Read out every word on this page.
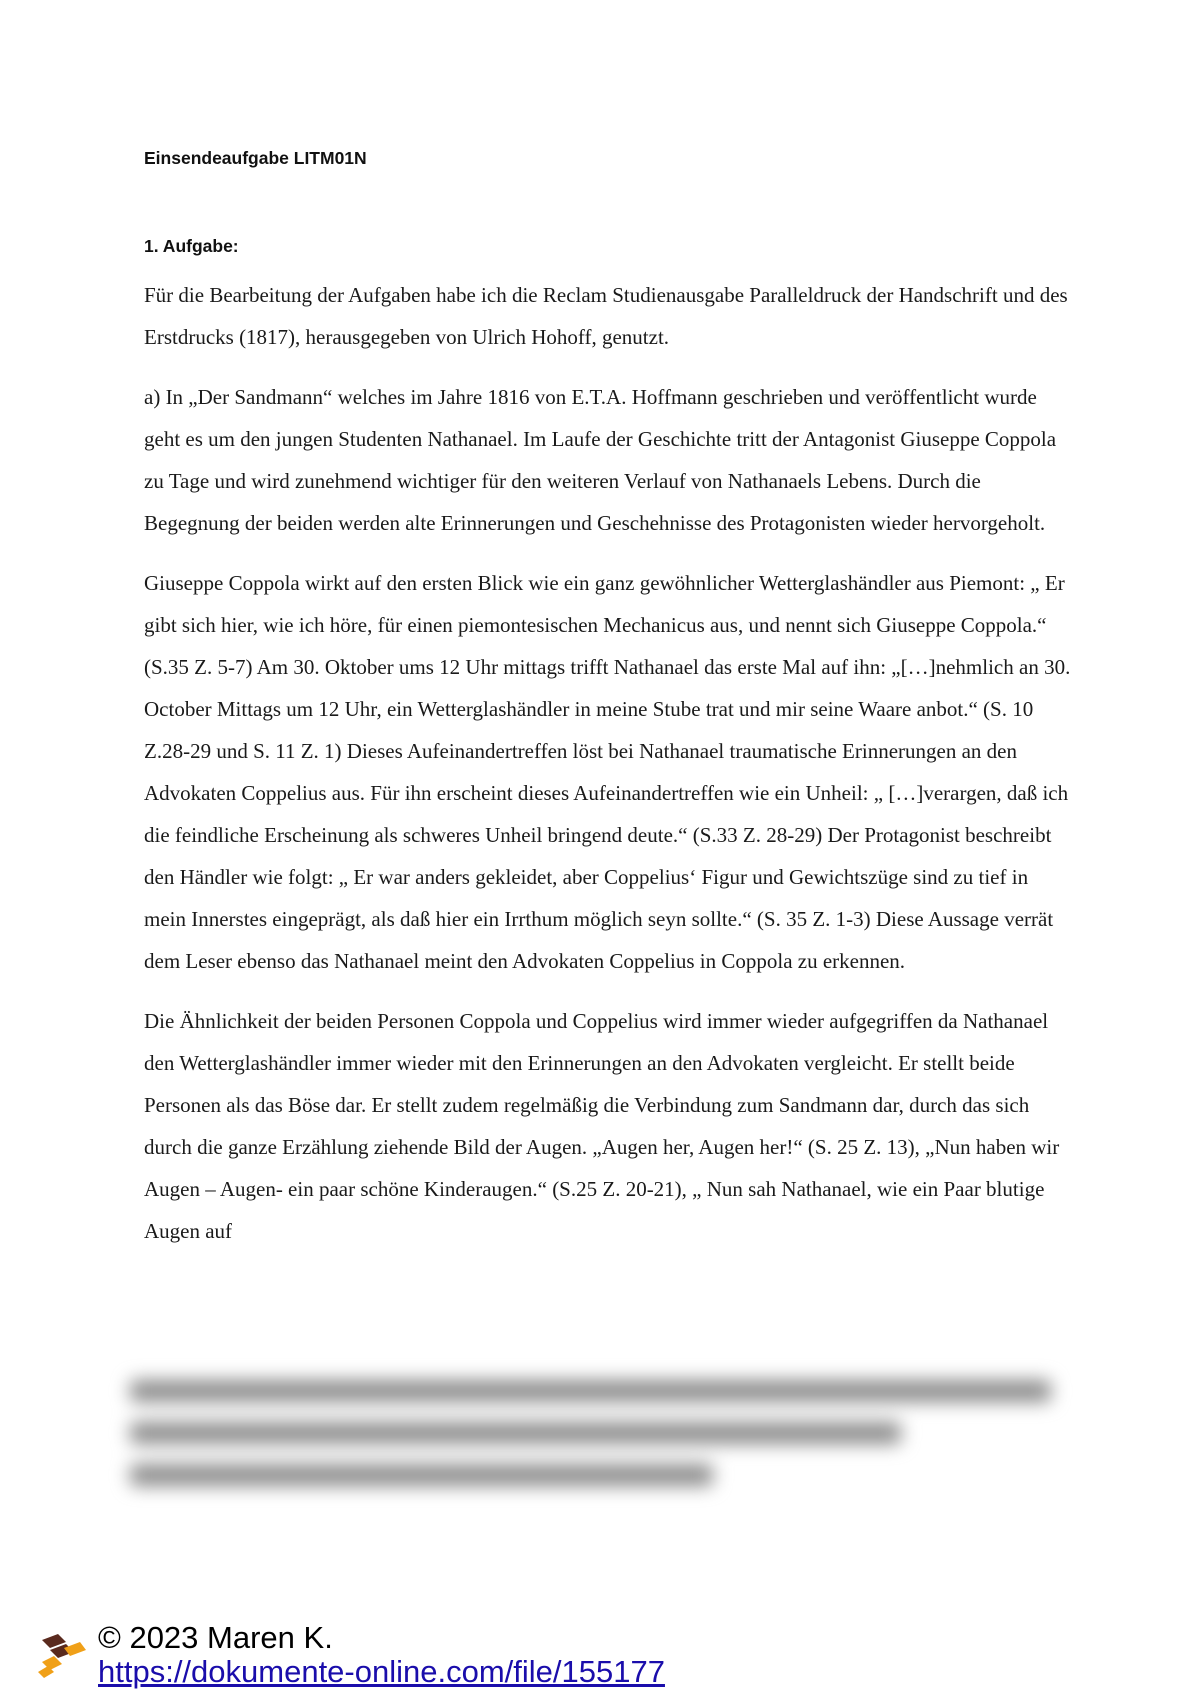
Einsendeaufgabe LITM01N
1. Aufgabe:

Für die Bearbeitung der Aufgaben habe ich die Reclam Studienausgabe Paralleldruck der Handschrift und des Erstdrucks (1817), herausgegeben von Ulrich Hohoff, genutzt.

a) In „Der Sandmann“ welches im Jahre 1816 von E.T.A. Hoffmann geschrieben und veröffentlicht wurde geht es um den jungen Studenten Nathanael. Im Laufe der Geschichte tritt der Antagonist Giuseppe Coppola zu Tage und wird zunehmend wichtiger für den weiteren Verlauf von Nathanaels Lebens. Durch die Begegnung der beiden werden alte Erinnerungen und Geschehnisse des Protagonisten wieder hervorgeholt.

Giuseppe Coppola wirkt auf den ersten Blick wie ein ganz gewöhnlicher Wetterglashändler aus Piemont: „ Er gibt sich hier, wie ich höre, für einen piemontesischen Mechanicus aus, und nennt sich Giuseppe Coppola.“ (S.35 Z. 5-7) Am 30. Oktober ums 12 Uhr mittags trifft Nathanael das erste Mal auf ihn: „[…]nehmlich an 30. October Mittags um 12 Uhr, ein Wetterglashändler in meine Stube trat und mir seine Waare anbot.“ (S. 10 Z.28-29 und S. 11 Z. 1) Dieses Aufeinandertreffen löst bei Nathanael traumatische Erinnerungen an den Advokaten Coppelius aus. Für ihn erscheint dieses Aufeinandertreffen wie ein Unheil: „ […]verargen, daß ich die feindliche Erscheinung als schweres Unheil bringend deute.“ (S.33 Z. 28-29) Der Protagonist beschreibt den Händler wie folgt: „ Er war anders gekleidet, aber Coppelius‘ Figur und Gewichtszüge sind zu tief in mein Innerstes eingeprägt, als daß hier ein Irrthum möglich seyn sollte.“ (S. 35 Z. 1-3) Diese Aussage verrät dem Leser ebenso das Nathanael meint den Advokaten Coppelius in Coppola zu erkennen.

Die Ähnlichkeit der beiden Personen Coppola und Coppelius wird immer wieder aufgegriffen da Nathanael den Wetterglashändler immer wieder mit den Erinnerungen an den Advokaten vergleicht. Er stellt beide Personen als das Böse dar. Er stellt zudem regelmäßig die Verbindung zum Sandmann dar, durch das sich durch die ganze Erzählung ziehende Bild der Augen. „Augen her, Augen her!“ (S. 25 Z. 13), „Nun haben wir Augen – Augen- ein paar schöne Kinderaugen.“ (S.25 Z. 20-21), „ Nun sah Nathanael, wie ein Paar blutige Augen auf

© 2023 Maren K.

https://dokumente-online.com/file/155177
